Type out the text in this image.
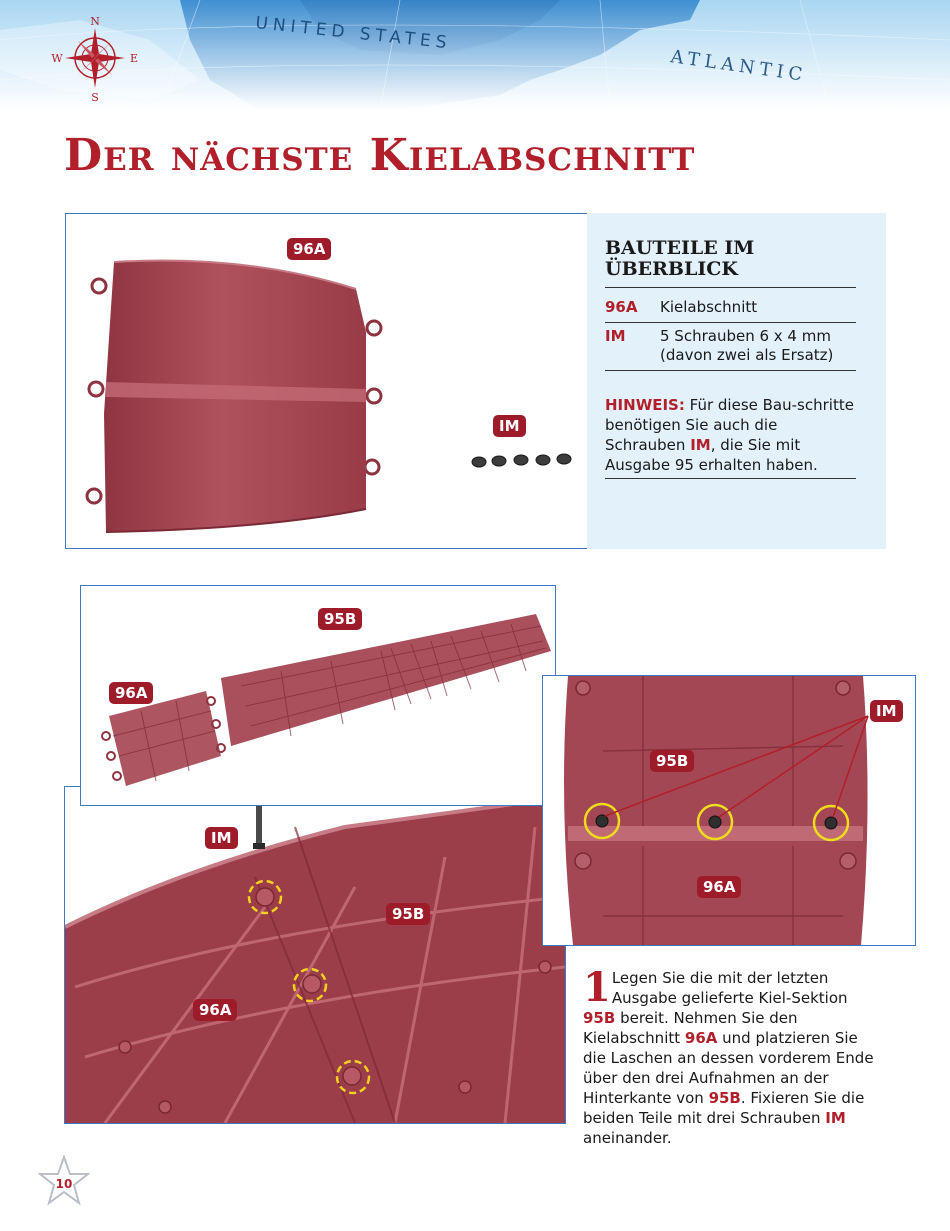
UNITED STATES
ATLANTIC
N
S
E
W
Der nächste Kielabschnitt
96A
IM
BAUTEILE IM ÜBERBLICK
96A Kielabschnitt
IM 5 Schrauben 6 x 4 mm (davon zwei als Ersatz)
HINWEIS: Für diese Bau-schritte benötigen Sie auch die Schrauben IM, die Sie mit Ausgabe 95 erhalten haben.
IM
95B
96A
95B
96A
IM
95B
96A
1 Legen Sie die mit der letzten Ausgabe gelieferte Kiel-Sektion 95B bereit. Nehmen Sie den Kielabschnitt 96A und platzieren Sie die Laschen an dessen vorderem Ende über den drei Aufnahmen an der Hinterkante von 95B. Fixieren Sie die beiden Teile mit drei Schrauben IM aneinander.
10
